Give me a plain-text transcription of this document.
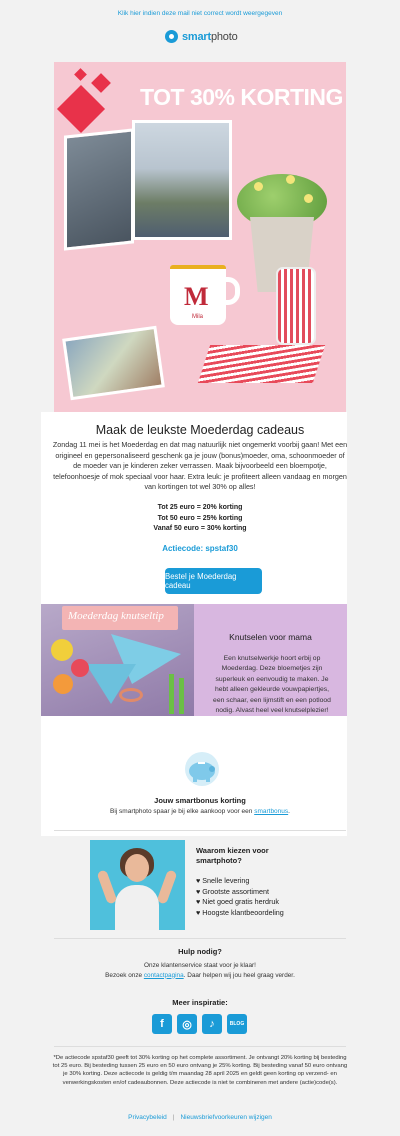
Klik hier indien deze mail niet correct wordt weergegeven
smartphoto
TOT 30% KORTING
M
Mila
Maak de leukste Moederdag cadeaus
Zondag 11 mei is het Moederdag en dat mag natuurlijk niet ongemerkt voorbij gaan! Met een origineel en gepersonaliseerd geschenk ga je jouw (bonus)moeder, oma, schoonmoeder of de moeder van je kinderen zeker verrassen. Maak bijvoorbeeld een bloempotje, telefoonhoesje of mok speciaal voor haar. Extra leuk: je profiteert alleen vandaag en morgen van kortingen tot wel 30% op alles!
Tot 25 euro = 20% korting
Tot 50 euro = 25% korting
Vanaf 50 euro = 30% korting
Actiecode: spstaf30
Bestel je Moederdag cadeau
Moederdag knutseltip
Knutselen voor mama
Een knutselwerkje hoort erbij op Moederdag. Deze bloemetjes zijn superleuk en eenvoudig te maken. Je hebt alleen gekleurde vouwpapiertjes, een schaar, een lijmstift en een potlood nodig. Alvast heel veel knutselplezier!
Jouw smartbonus korting
Bij smartphoto spaar je bij elke aankoop voor een smartbonus.
Waarom kiezen voor smartphoto?
♥ Snelle levering
♥ Grootste assortiment
♥ Niet goed gratis herdruk
♥ Hoogste klantbeoordeling
Hulp nodig?
Onze klantenservice staat voor je klaar!
Bezoek onze contactpagina. Daar helpen wij jou heel graag verder.
Meer inspiratie:
f	◎	♪	BLOG
*De actiecode spstaf30 geeft tot 30% korting op het complete assortiment. Je ontvangt 20% korting bij besteding tot 25 euro. Bij besteding tussen 25 euro en 50 euro ontvang je 25% korting. Bij besteding vanaf 50 euro ontvang je 30% korting. Deze actiecode is geldig t/m maandag 28 april 2025 en geldt geen korting op verzend- en verwerkingskosten en/of cadeaubonnen. Deze actiecode is niet te combineren met andere (actie)code(s).
Privacybeleid | Nieuwsbriefvoorkeuren wijzigen
